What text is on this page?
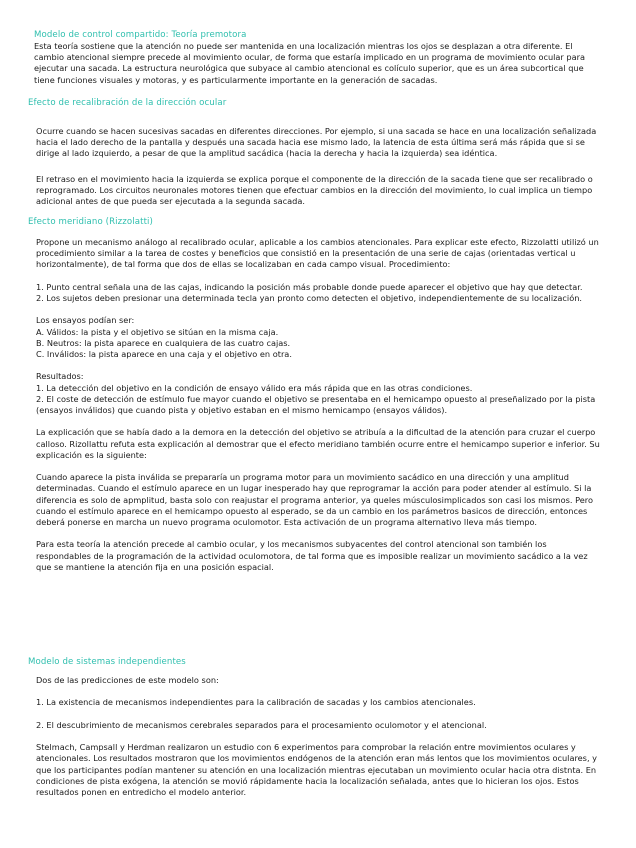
Modelo de control compartido: Teoría premotora

Esta teoría sostiene que la atención no puede ser mantenida en una localización mientras los ojos se desplazan a otra diferente. El cambio atencional siempre precede al movimiento ocular, de forma que estaría implicado en un programa de movimiento ocular para ejecutar una sacada. La estructura neurológica que subyace al cambio atencional es colículo superior, que es un área subcortical que tiene funciones visuales y motoras, y es particularmente importante en la generación de sacadas.

Efecto de recalibración de la dirección ocular

Ocurre cuando se hacen sucesivas sacadas en diferentes direcciones. Por ejemplo, si una sacada se hace en una localización señalizada hacia el lado derecho de la pantalla y después una sacada hacia ese mismo lado, la latencia de esta última será más rápida que si se dirige al lado izquierdo, a pesar de que la amplitud sacádica (hacia la derecha y hacia la izquierda) sea idéntica.

El retraso en el movimiento hacia la izquierda se explica porque el componente de la dirección de la sacada tiene que ser recalibrado o reprogramado. Los circuitos neuronales motores tienen que efectuar cambios en la dirección del movimiento, lo cual implica un tiempo adicional antes de que pueda ser ejecutada a la segunda sacada.

Efecto meridiano (Rizzolatti)

Propone un mecanismo análogo al recalibrado ocular, aplicable a los cambios atencionales. Para explicar este efecto, Rizzolatti utilizó un procedimiento similar a la tarea de costes y beneficios que consistió en la presentación de una serie de cajas (orientadas vertical u horizontalmente), de tal forma que dos de ellas se localizaban en cada campo visual. Procedimiento:

1. Punto central señala una de las cajas, indicando la posición más probable donde puede aparecer el objetivo que hay que detectar.

2. Los sujetos deben presionar una determinada tecla yan pronto como detecten el objetivo, independientemente de su localización.

Los ensayos podían ser:

A. Válidos: la pista y el objetivo se sitúan en la misma caja.

B. Neutros: la pista aparece en cualquiera de las cuatro cajas.

C. Inválidos: la pista aparece en una caja y el objetivo en otra.

Resultados:

1. La detección del objetivo en la condición de ensayo válido era más rápida que en las otras condiciones.

2. El coste de detección de estímulo fue mayor cuando el objetivo se presentaba en el hemicampo opuesto al preseñalizado por la pista (ensayos inválidos) que cuando pista y objetivo estaban en el mismo hemicampo (ensayos válidos).

La explicación que se había dado a la demora en la detección del objetivo se atribuía a la dificultad de la atención para cruzar el cuerpo calloso. Rizollattu refuta esta explicación al demostrar que el efecto meridiano también ocurre entre el hemicampo superior e inferior. Su explicación es la siguiente:

Cuando aparece la pista inválida se prepararía un programa motor para un movimiento sacádico en una dirección y una amplitud determinadas. Cuando el estímulo aparece en un lugar inesperado hay que reprogramar la acción para poder atender al estímulo. Si la diferencia es solo de apmplitud, basta solo con reajustar el programa anterior, ya queles músculosimplicados son casi los mismos. Pero cuando el estímulo aparece en el hemicampo opuesto al esperado, se da un cambio en los parámetros basicos de dirección, entonces deberá ponerse en marcha un nuevo programa oculomotor. Esta activación de un programa alternativo lleva más tiempo.

Para esta teoría la atención precede al cambio ocular, y los mecanismos subyacentes del control atencional son también los respondables de la programación de la actividad oculomotora, de tal forma que es imposible realizar un movimiento sacádico a la vez que se mantiene la atención fija en una posición espacial.

Modelo de sistemas independientes

Dos de las predicciones de este modelo son:

1. La existencia de mecanismos independientes para la calibración de sacadas y los cambios atencionales.

2. El descubrimiento de mecanismos cerebrales separados para el procesamiento oculomotor y el atencional.

Stelmach, Campsall y Herdman realizaron un estudio con 6 experimentos para comprobar la relación entre movimientos oculares y atencionales. Los resultados mostraron que los movimientos endógenos de la atención eran más lentos que los movimientos oculares, y que los participantes podían mantener su atención en una localización mientras ejecutaban un movimiento ocular hacia otra distnta. En condiciones de pista exógena, la atención se movió rápidamente hacia la localización señalada, antes que lo hicieran los ojos. Estos resultados ponen en entredicho el modelo anterior.
